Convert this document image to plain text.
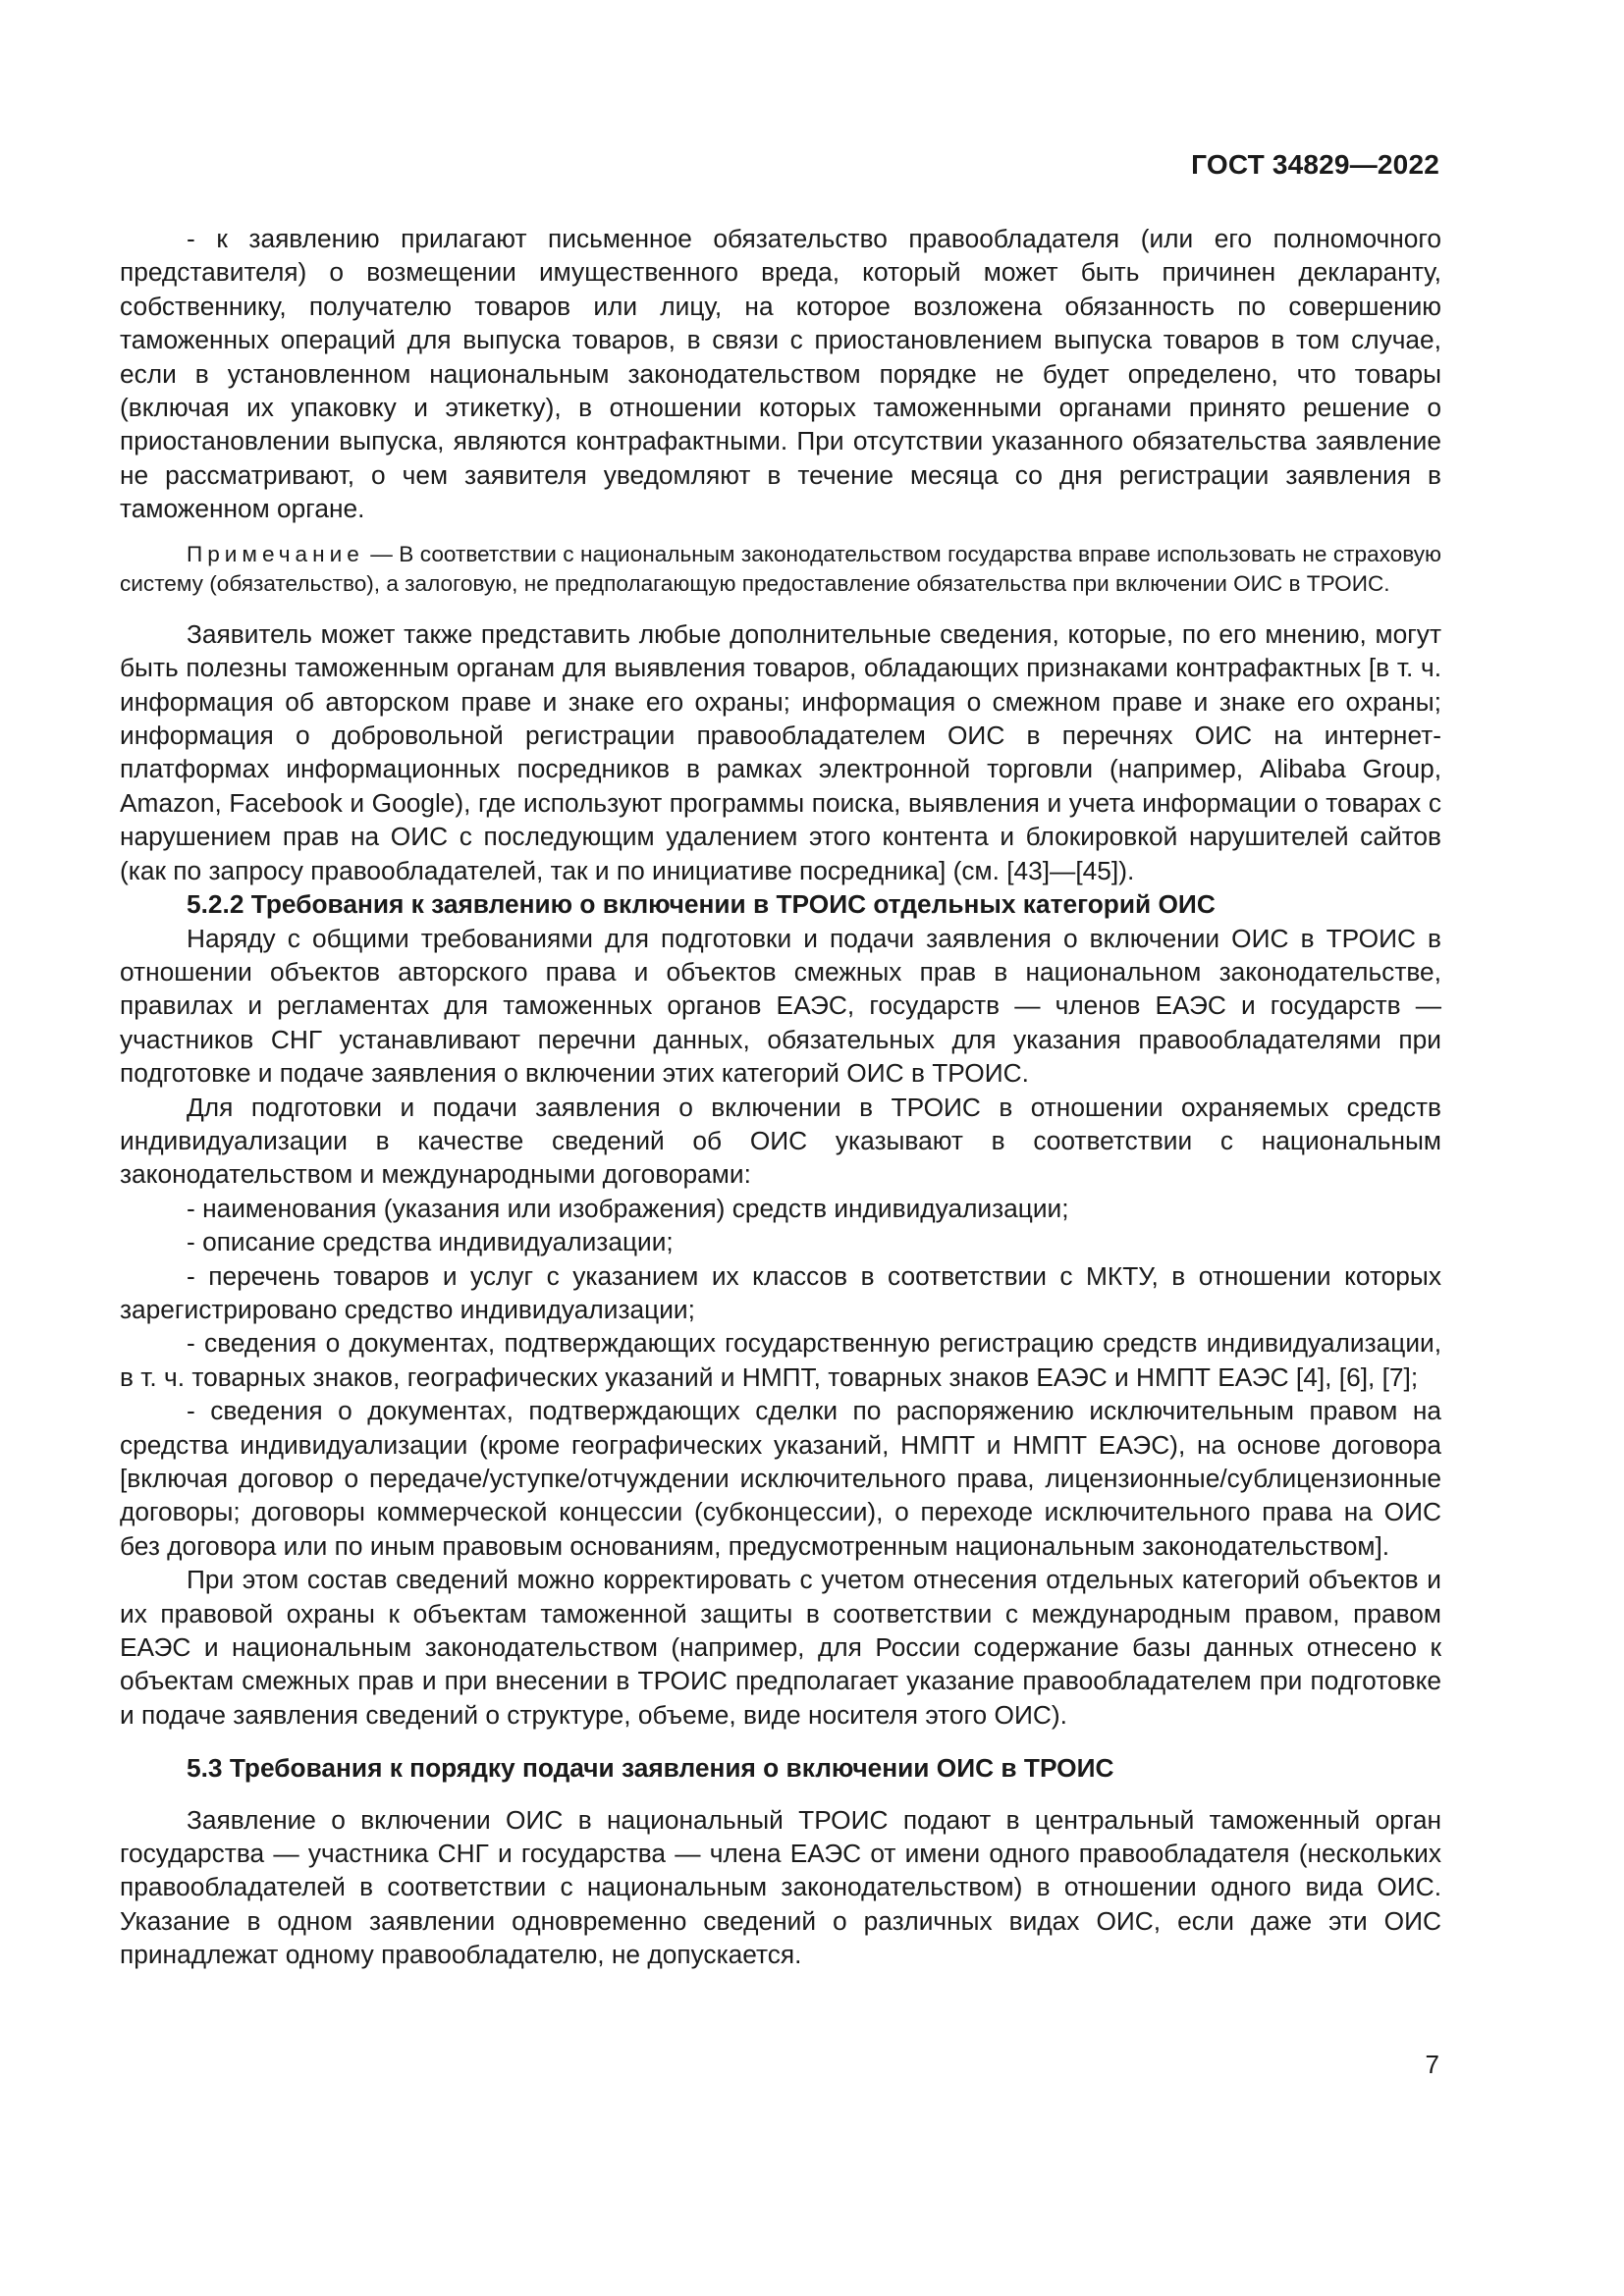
ГОСТ 34829—2022

- к заявлению прилагают письменное обязательство правообладателя (или его полномочного представителя) о возмещении имущественного вреда, который может быть причинен декларанту, собственнику, получателю товаров или лицу, на которое возложена обязанность по совершению таможенных операций для выпуска товаров, в связи с приостановлением выпуска товаров в том случае, если в установленном национальным законодательством порядке не будет определено, что товары (включая их упаковку и этикетку), в отношении которых таможенными органами принято решение о приостановлении выпуска, являются контрафактными. При отсутствии указанного обязательства заявление не рассматривают, о чем заявителя уведомляют в течение месяца со дня регистрации заявления в таможенном органе.

Примечание — В соответствии с национальным законодательством государства вправе использовать не страховую систему (обязательство), а залоговую, не предполагающую предоставление обязательства при включении ОИС в ТРОИС.

Заявитель может также представить любые дополнительные сведения, которые, по его мнению, могут быть полезны таможенным органам для выявления товаров, обладающих признаками контрафактных [в т. ч. информация об авторском праве и знаке его охраны; информация о смежном праве и знаке его охраны; информация о добровольной регистрации правообладателем ОИС в перечнях ОИС на интернет-платформах информационных посредников в рамках электронной торговли (например, Alibaba Group, Amazon, Facebook и Google), где используют программы поиска, выявления и учета информации о товарах с нарушением прав на ОИС с последующим удалением этого контента и блокировкой нарушителей сайтов (как по запросу правообладателей, так и по инициативе посредника] (см. [43]—[45]).

5.2.2 Требования к заявлению о включении в ТРОИС отдельных категорий ОИС

Наряду с общими требованиями для подготовки и подачи заявления о включении ОИС в ТРОИС в отношении объектов авторского права и объектов смежных прав в национальном законодательстве, правилах и регламентах для таможенных органов ЕАЭС, государств — членов ЕАЭС и государств — участников СНГ устанавливают перечни данных, обязательных для указания правообладателями при подготовке и подаче заявления о включении этих категорий ОИС в ТРОИС.

Для подготовки и подачи заявления о включении в ТРОИС в отношении охраняемых средств индивидуализации в качестве сведений об ОИС указывают в соответствии с национальным законодательством и международными договорами:

- наименования (указания или изображения) средств индивидуализации;

- описание средства индивидуализации;

- перечень товаров и услуг с указанием их классов в соответствии с МКТУ, в отношении которых зарегистрировано средство индивидуализации;

- сведения о документах, подтверждающих государственную регистрацию средств индивидуализации, в т. ч. товарных знаков, географических указаний и НМПТ, товарных знаков ЕАЭС и НМПТ ЕАЭС [4], [6], [7];

- сведения о документах, подтверждающих сделки по распоряжению исключительным правом на средства индивидуализации (кроме географических указаний, НМПТ и НМПТ ЕАЭС), на основе договора [включая договор о передаче/уступке/отчуждении исключительного права, лицензионные/сублицензионные договоры; договоры коммерческой концессии (субконцессии), о переходе исключительного права на ОИС без договора или по иным правовым основаниям, предусмотренным национальным законодательством].

При этом состав сведений можно корректировать с учетом отнесения отдельных категорий объектов и их правовой охраны к объектам таможенной защиты в соответствии с международным правом, правом ЕАЭС и национальным законодательством (например, для России содержание базы данных отнесено к объектам смежных прав и при внесении в ТРОИС предполагает указание правообладателем при подготовке и подаче заявления сведений о структуре, объеме, виде носителя этого ОИС).

5.3 Требования к порядку подачи заявления о включении ОИС в ТРОИС

Заявление о включении ОИС в национальный ТРОИС подают в центральный таможенный орган государства — участника СНГ и государства — члена ЕАЭС от имени одного правообладателя (нескольких правообладателей в соответствии с национальным законодательством) в отношении одного вида ОИС. Указание в одном заявлении одновременно сведений о различных видах ОИС, если даже эти ОИС принадлежат одному правообладателю, не допускается.

7
